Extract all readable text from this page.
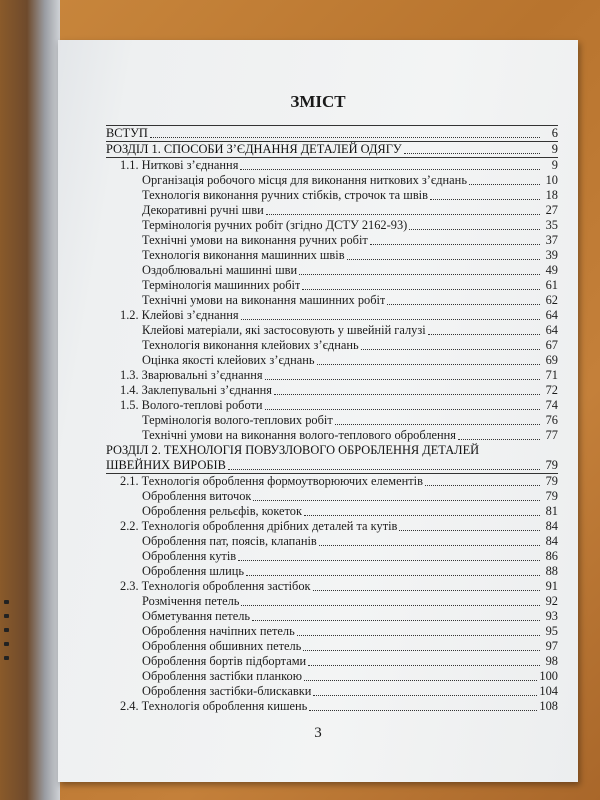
ЗМІСТ
ВСТУП	6
РОЗДІЛ 1. СПОСОБИ З’ЄДНАННЯ ДЕТАЛЕЙ ОДЯГУ	9
1.1. Ниткові з’єднання	9
Організація робочого місця для виконання ниткових з’єднань	10
Технологія виконання ручних стібків, строчок та швів	18
Декоративні ручні шви	27
Термінологія ручних робіт (згідно ДСТУ 2162-93)	35
Технічні умови на виконання ручних робіт	37
Технологія виконання машинних швів	39
Оздоблювальні машинні шви	49
Термінологія машинних робіт	61
Технічні умови на виконання машинних робіт	62
1.2. Клейові з’єднання	64
Клейові матеріали, які застосовують у швейній галузі	64
Технологія виконання клейових з’єднань	67
Оцінка якості клейових з’єднань	69
1.3. Зварювальні з’єднання	71
1.4. Заклепувальні з’єднання	72
1.5. Волого-теплові роботи	74
Термінологія волого-теплових робіт	76
Технічні умови на виконання волого-теплового оброблення	77
РОЗДІЛ 2. ТЕХНОЛОГІЯ ПОВУЗЛОВОГО ОБРОБЛЕННЯ ДЕТАЛЕЙ
ШВЕЙНИХ ВИРОБІВ	79
2.1. Технологія оброблення формоутворюючих елементів	79
Оброблення виточок	79
Оброблення рельєфів, кокеток	81
2.2. Технологія оброблення дрібних деталей та кутів	84
Оброблення пат, поясів, клапанів	84
Оброблення кутів	86
Оброблення шлиць	88
2.3. Технологія оброблення застібок	91
Розмічення петель	92
Обметування петель	93
Оброблення начiпних петель	95
Оброблення обшивних петель	97
Оброблення бортів підбортами	98
Оброблення застібки планкою	100
Оброблення застібки-блискавки	104
2.4. Технологія оброблення кишень	108
3
